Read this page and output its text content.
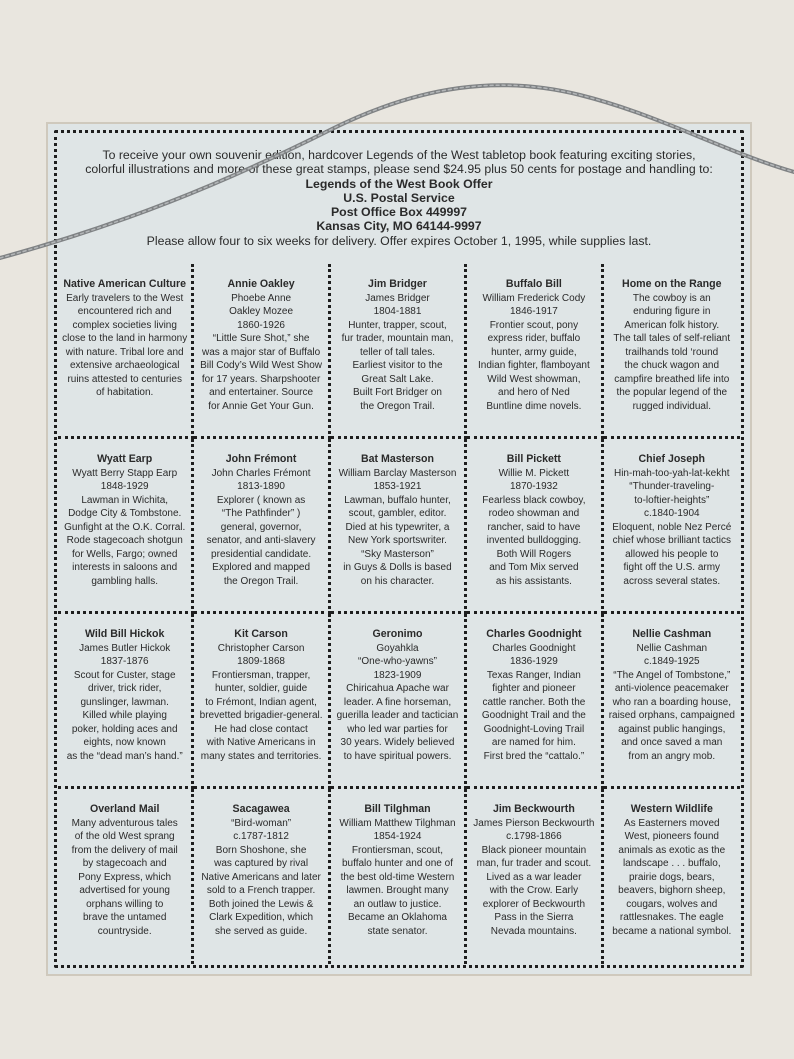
To receive your own souvenir edition, hardcover Legends of the West tabletop book featuring exciting stories,
colorful illustrations and more of these great stamps, please send $24.95 plus 50 cents for postage and handling to:
Legends of the West Book Offer
U.S. Postal Service
Post Office Box 449997
Kansas City, MO 64144-9997
Please allow four to six weeks for delivery. Offer expires October 1, 1995, while supplies last.
Native American Culture
Early travelers to the West
encountered rich and
complex societies living
close to the land in harmony
with nature. Tribal lore and
extensive archaeological
ruins attested to centuries
of habitation.
Annie Oakley
Phoebe Anne
Oakley Mozee
1860-1926
“Little Sure Shot,” she
was a major star of Buffalo
Bill Cody’s Wild West Show
for 17 years. Sharpshooter
and entertainer. Source
for Annie Get Your Gun.
Jim Bridger
James Bridger
1804-1881
Hunter, trapper, scout,
fur trader, mountain man,
teller of tall tales.
Earliest visitor to the
Great Salt Lake.
Built Fort Bridger on
the Oregon Trail.
Buffalo Bill
William Frederick Cody
1846-1917
Frontier scout, pony
express rider, buffalo
hunter, army guide,
Indian fighter, flamboyant
Wild West showman,
and hero of Ned
Buntline dime novels.
Home on the Range
The cowboy is an
enduring figure in
American folk history.
The tall tales of self-reliant
trailhands told ‘round
the chuck wagon and
campfire breathed life into
the popular legend of the
rugged individual.
Wyatt Earp
Wyatt Berry Stapp Earp
1848-1929
Lawman in Wichita,
Dodge City & Tombstone.
Gunfight at the O.K. Corral.
Rode stagecoach shotgun
for Wells, Fargo; owned
interests in saloons and
gambling halls.
John Frémont
John Charles Frémont
1813-1890
Explorer ( known as
“The Pathfinder” )
general, governor,
senator, and anti-slavery
presidential candidate.
Explored and mapped
the Oregon Trail.
Bat Masterson
William Barclay Masterson
1853-1921
Lawman, buffalo hunter,
scout, gambler, editor.
Died at his typewriter, a
New York sportswriter.
“Sky Masterson”
in Guys & Dolls is based
on his character.
Bill Pickett
Willie M. Pickett
1870-1932
Fearless black cowboy,
rodeo showman and
rancher, said to have
invented bulldogging.
Both Will Rogers
and Tom Mix served
as his assistants.
Chief Joseph
Hin-mah-too-yah-lat-kekht
“Thunder-traveling-
to-loftier-heights”
c.1840-1904
Eloquent, noble Nez Percé
chief whose brilliant tactics
allowed his people to
fight off the U.S. army
across several states.
Wild Bill Hickok
James Butler Hickok
1837-1876
Scout for Custer, stage
driver, trick rider,
gunslinger, lawman.
Killed while playing
poker, holding aces and
eights, now known
as the “dead man’s hand.”
Kit Carson
Christopher Carson
1809-1868
Frontiersman, trapper,
hunter, soldier, guide
to Frémont, Indian agent,
brevetted brigadier-general.
He had close contact
with Native Americans in
many states and territories.
Geronimo
Goyahkla
“One-who-yawns”
1823-1909
Chiricahua Apache war
leader. A fine horseman,
guerilla leader and tactician
who led war parties for
30 years. Widely believed
to have spiritual powers.
Charles Goodnight
Charles Goodnight
1836-1929
Texas Ranger, Indian
fighter and pioneer
cattle rancher. Both the
Goodnight Trail and the
Goodnight-Loving Trail
are named for him.
First bred the “cattalo.”
Nellie Cashman
Nellie Cashman
c.1849-1925
“The Angel of Tombstone,”
anti-violence peacemaker
who ran a boarding house,
raised orphans, campaigned
against public hangings,
and once saved a man
from an angry mob.
Overland Mail
Many adventurous tales
of the old West sprang
from the delivery of mail
by stagecoach and
Pony Express, which
advertised for young
orphans willing to
brave the untamed
countryside.
Sacagawea
“Bird-woman”
c.1787-1812
Born Shoshone, she
was captured by rival
Native Americans and later
sold to a French trapper.
Both joined the Lewis &
Clark Expedition, which
she served as guide.
Bill Tilghman
William Matthew Tilghman
1854-1924
Frontiersman, scout,
buffalo hunter and one of
the best old-time Western
lawmen. Brought many
an outlaw to justice.
Became an Oklahoma
state senator.
Jim Beckwourth
James Pierson Beckwourth
c.1798-1866
Black pioneer mountain
man, fur trader and scout.
Lived as a war leader
with the Crow. Early
explorer of Beckwourth
Pass in the Sierra
Nevada mountains.
Western Wildlife
As Easterners moved
West, pioneers found
animals as exotic as the
landscape . . . buffalo,
prairie dogs, bears,
beavers, bighorn sheep,
cougars, wolves and
rattlesnakes. The eagle
became a national symbol.
